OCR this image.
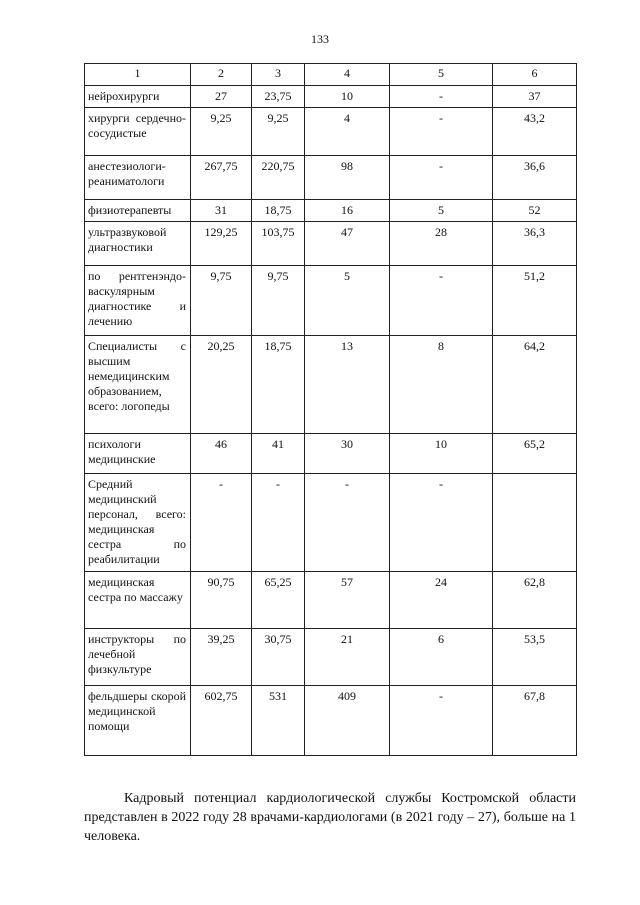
133
1	2	3	4	5	6
нейрохирурги	27	23,75	10	-	37
хирурги сердечно-сосудистые	9,25	9,25	4	-	43,2
анестезиологи-реаниматологи	267,75	220,75	98	-	36,6
физиотерапевты	31	18,75	16	5	52
ультразвуковой диагностики	129,25	103,75	47	28	36,3
по рентгенэндо-васкулярным диагностике и лечению	9,75	9,75	5	-	51,2
Специалисты с высшим немедицинским образованием, всего: логопеды	20,25	18,75	13	8	64,2
психологи медицинские	46	41	30	10	65,2
Средний медицинский персонал, всего: медицинская сестра по реабилитации	-	-	-	-	
медицинская сестра по массажу	90,75	65,25	57	24	62,8
инструкторы по лечебной физкультуре	39,25	30,75	21	6	53,5
фельдшеры скорой медицинской помощи	602,75	531	409	-	67,8

Кадровый потенциал кардиологической службы Костромской области представлен в 2022 году 28 врачами-кардиологами (в 2021 году – 27), больше на 1 человека.
